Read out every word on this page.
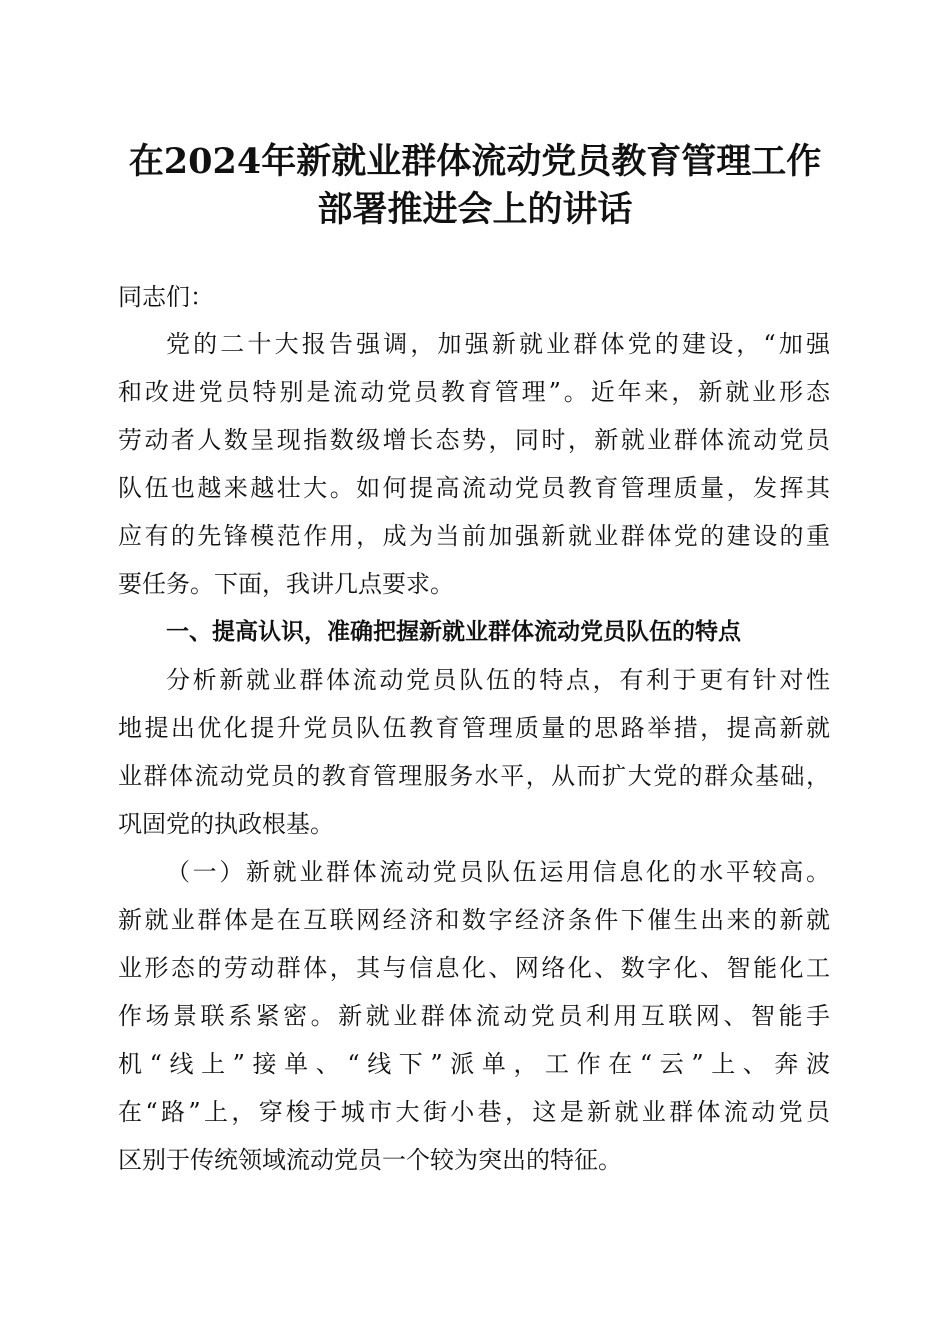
在2024年新就业群体流动党员教育管理工作
部署推进会上的讲话
同志们：
党的二十大报告强调，加强新就业群体党的建设，“加强
和改进党员特别是流动党员教育管理”。近年来，新就业形态
劳动者人数呈现指数级增长态势，同时，新就业群体流动党员
队伍也越来越壮大。如何提高流动党员教育管理质量，发挥其
应有的先锋模范作用，成为当前加强新就业群体党的建设的重
要任务。下面，我讲几点要求。
一、提高认识，准确把握新就业群体流动党员队伍的特点
分析新就业群体流动党员队伍的特点，有利于更有针对性
地提出优化提升党员队伍教育管理质量的思路举措，提高新就
业群体流动党员的教育管理服务水平，从而扩大党的群众基础，
巩固党的执政根基。
（一）新就业群体流动党员队伍运用信息化的水平较高。
新就业群体是在互联网经济和数字经济条件下催生出来的新就
业形态的劳动群体，其与信息化、网络化、数字化、智能化工
作场景联系紧密。新就业群体流动党员利用互联网、智能手
机“线上”接单、“线下”派单，工作在“云”上、奔波
在“路”上，穿梭于城市大街小巷，这是新就业群体流动党员
区别于传统领域流动党员一个较为突出的特征。
